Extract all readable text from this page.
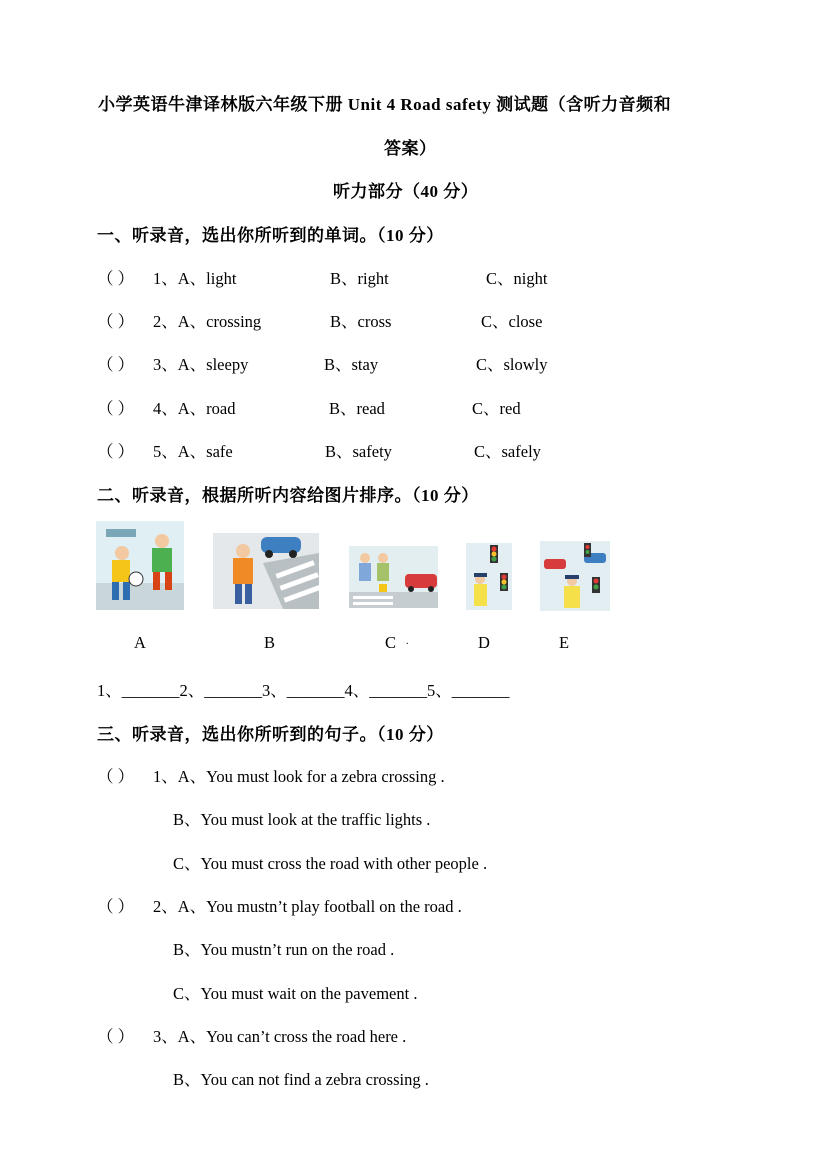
小学英语牛津译林版六年级下册 Unit 4 Road safety 测试题（含听力音频和
答案）
听力部分（40 分）
一、听录音，选出你所听到的单词。（10 分）
（ ） 1、A、light	B、right	C、night
（ ） 2、A、crossing	B、cross	C、close
（ ） 3、A、sleepy	B、stay	C、slowly
（ ） 4、A、road	B、read	C、red
（ ） 5、A、safe	B、safety	C、safely
二、听录音，根据所听内容给图片排序。（10 分）
A	B	C .	D	E
1、_______2、_______3、_______4、_______5、_______
三、听录音，选出你所听到的句子。（10 分）
（ ） 1、A、You must look for a zebra crossing .
B、You must look at the traffic lights .
C、You must cross the road with other people .
（ ） 2、A、You mustn’t play football on the road .
B、You mustn’t run on the road .
C、You must wait on the pavement .
（ ） 3、A、You can’t cross the road here .
B、You can not find a zebra crossing .
